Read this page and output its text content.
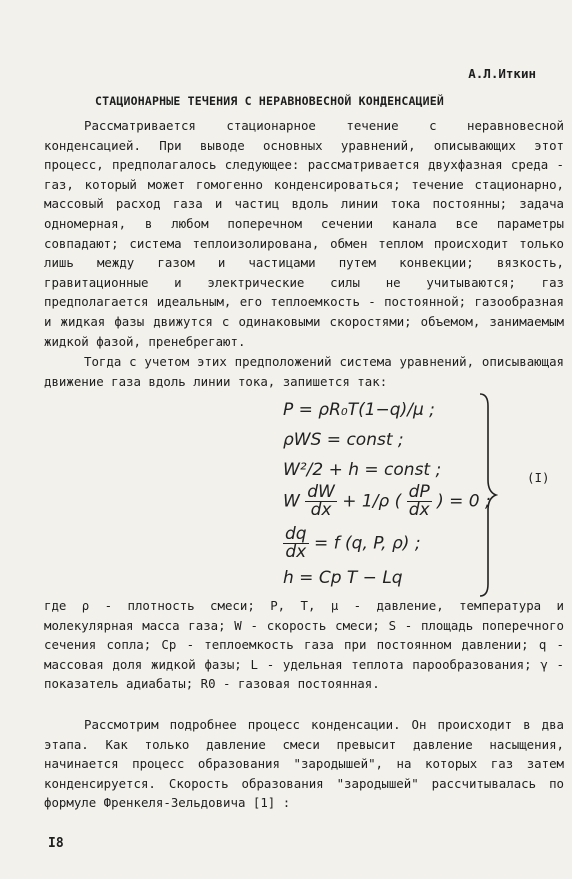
А.Л.Иткин
СТАЦИОНАРНЫЕ ТЕЧЕНИЯ С НЕРАВНОВЕСНОЙ КОНДЕНСАЦИЕЙ
Рассматривается стационарное течение с неравновесной конденсацией. При выводе основных уравнений, описывающих этот процесс, предполагалось следующее: рассматривается двухфазная среда - газ, который может гомогенно конденсироваться; течение стационарно, массовый расход газа и частиц вдоль линии тока постоянны; задача одномерная, в любом поперечном сечении канала все параметры совпадают; система теплоизолирована, обмен теплом происходит только лишь между газом и частицами путем конвекции; вязкость, гравитационные и электрические силы не учитываются; газ предполагается идеальным, его теплоемкость - постоянной; газообразная и жидкая фазы движутся с одинаковыми скоростями; объемом, занимаемым жидкой фазой, пренебрегают.
Тогда с учетом этих предположений система уравнений, описывающая движение газа вдоль линии тока, запишется так:
P = ρR₀T(1−q)/μ ;
ρWS = const ;
W²/2 + h = const ;
W $\frac{dW}{dx} + 1/\rho$ ( $\frac{dP}{dx}$ ) = 0 ;
$\frac{dq}{dx} = f$ (q, P, ρ) ;
h = Cp T − Lq
(I)
где ρ - плотность смеси; P, T, μ - давление, температура и молекулярная масса газа; W - скорость смеси; S - площадь поперечного сечения сопла; Cp - теплоемкость газа при постоянном давлении; q - массовая доля жидкой фазы; L - удельная теплота парообразования; γ - показатель адиабаты; R0 - газовая постоянная.
Рассмотрим подробнее процесс конденсации. Он происходит в два этапа. Как только давление смеси превысит давление насыщения, начинается процесс образования "зародышей", на которых газ затем конденсируется. Скорость образования "зародышей" рассчитывалась по формуле Френкеля-Зельдовича [1] :
I8
